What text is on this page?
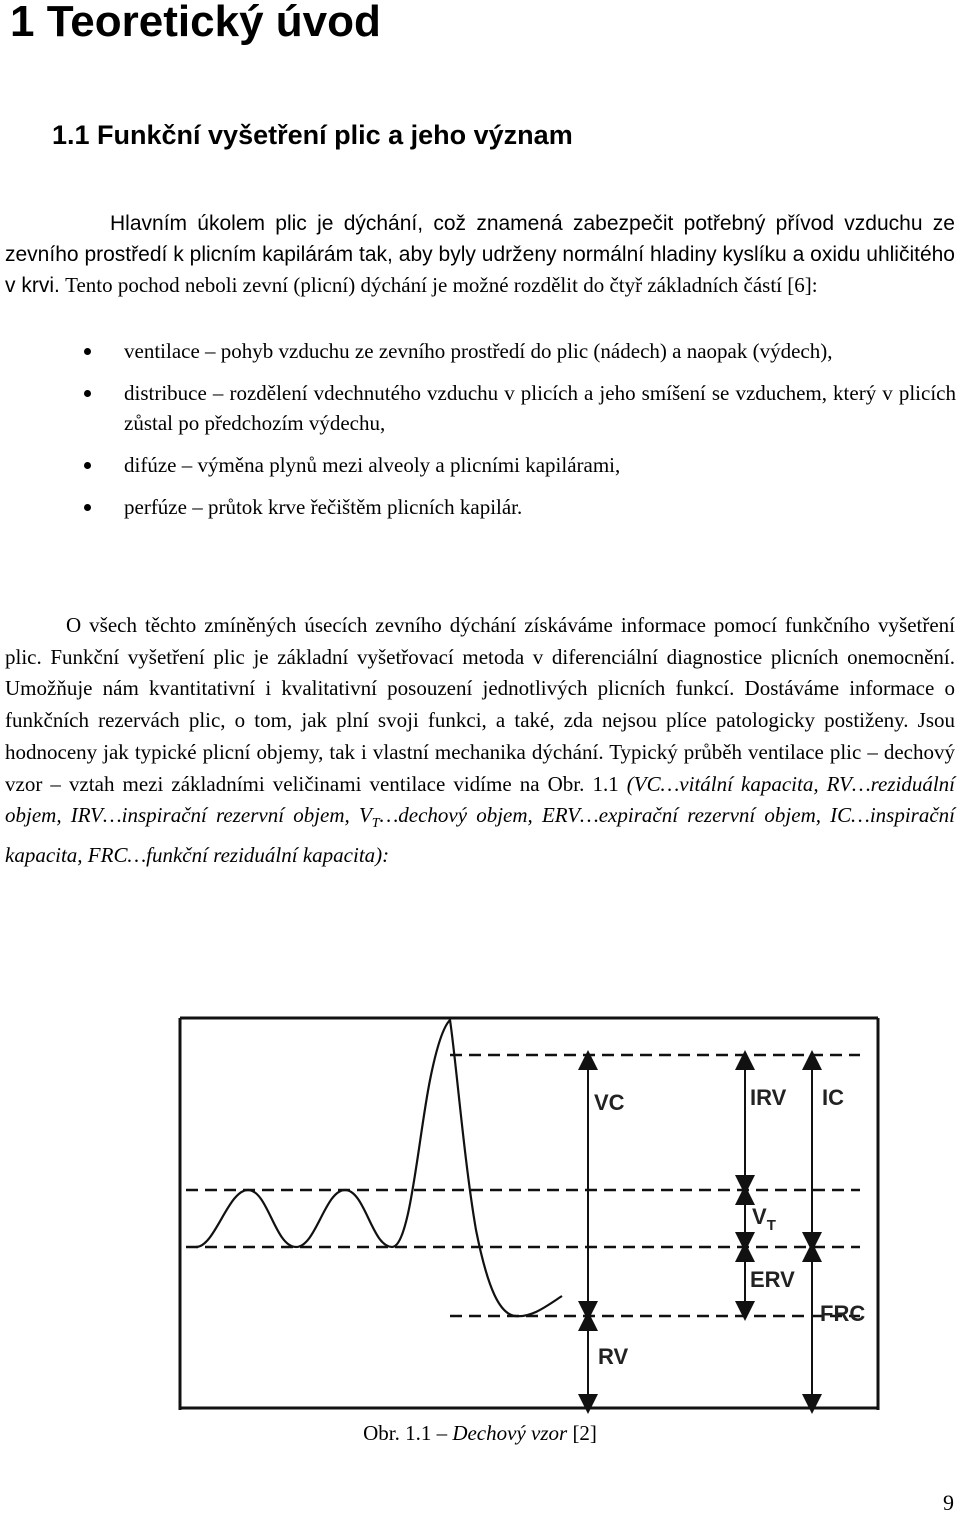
1 Teoretický úvod
1.1 Funkční vyšetření plic a jeho význam

Hlavním úkolem plic je dýchání, což znamená zabezpečit potřebný přívod vzduchu ze zevního prostředí k plicním kapilárám tak, aby byly udrženy normální hladiny kyslíku a oxidu uhličitého v krvi. Tento pochod neboli zevní (plicní) dýchání je možné rozdělit do čtyř základních částí [6]:

ventilace – pohyb vzduchu ze zevního prostředí do plic (nádech) a naopak (výdech),
distribuce – rozdělení vdechnutého vzduchu v plicích a jeho smíšení se vzduchem, který v plicích zůstal po předchozím výdechu,
difúze – výměna plynů mezi alveoly a plicními kapilárami,
perfúze – průtok krve řečištěm plicních kapilár.

O všech těchto zmíněných úsecích zevního dýchání získáváme informace pomocí funkčního vyšetření plic. Funkční vyšetření plic je základní vyšetřovací metoda v diferenciální diagnostice plicních onemocnění. Umožňuje nám kvantitativní i kvalitativní posouzení jednotlivých plicních funkcí. Dostáváme informace o funkčních rezervách plic, o tom, jak plní svoji funkci, a také, zda nejsou plíce patologicky postiženy. Jsou hodnoceny jak typické plicní objemy, tak i vlastní mechanika dýchání. Typický průběh ventilace plic – dechový vzor – vztah mezi základními veličinami ventilace vidíme na Obr. 1.1 (VC…vitální kapacita, RV…reziduální objem, IRV…inspirační rezervní objem, $V_T\dots dechový$ objem, ERV…expirační rezervní objem, IC…inspirační kapacita, FRC…funkční reziduální kapacita):

VC	IRV IC
$V_T$
ERV
FRC
RV
Obr. 1.1 – Dechový vzor [2]
9
